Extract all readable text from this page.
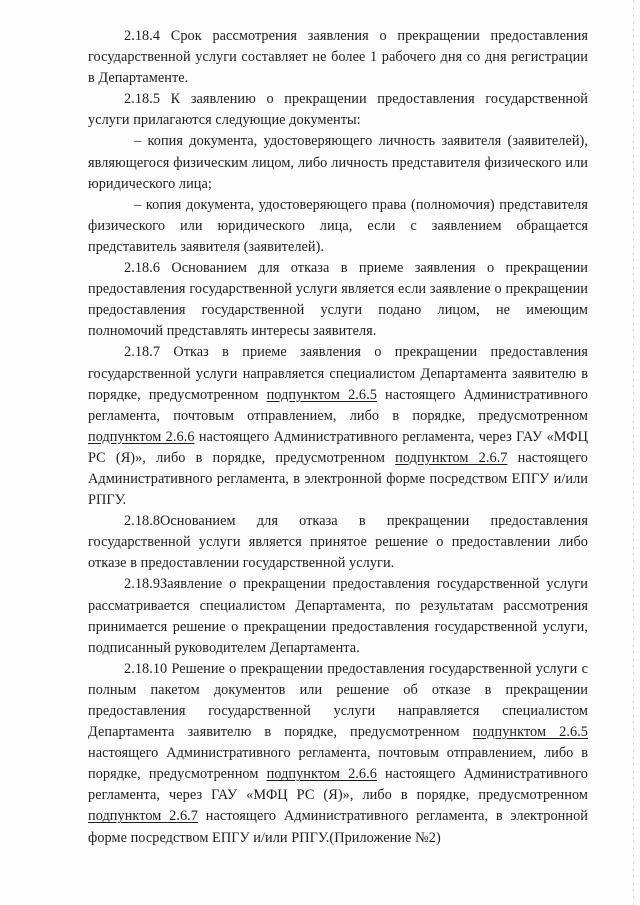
2.18.4 Срок рассмотрения заявления о прекращении предоставления государственной услуги составляет не более 1 рабочего дня со дня регистрации в Департаменте.

2.18.5 К заявлению о прекращении предоставления государственной услуги прилагаются следующие документы:

– копия документа, удостоверяющего личность заявителя (заявителей), являющегося физическим лицом, либо личность представителя физического или юридического лица;

– копия документа, удостоверяющего права (полномочия) представителя физического или юридического лица, если с заявлением обращается представитель заявителя (заявителей).

2.18.6 Основанием для отказа в приеме заявления о прекращении предоставления государственной услуги является если заявление о прекращении предоставления государственной услуги подано лицом, не имеющим полномочий представлять интересы заявителя.

2.18.7 Отказ в приеме заявления о прекращении предоставления государственной услуги направляется специалистом Департамента заявителю в порядке, предусмотренном подпунктом 2.6.5 настоящего Административного регламента, почтовым отправлением, либо в порядке, предусмотренном подпунктом 2.6.6 настоящего Административного регламента, через ГАУ «МФЦ РС (Я)», либо в порядке, предусмотренном подпунктом 2.6.7 настоящего Административного регламента, в электронной форме посредством ЕПГУ и/или РПГУ.

2.18.8Основанием для отказа в прекращении предоставления государственной услуги является принятое решение о предоставлении либо отказе в предоставлении государственной услуги.

2.18.9Заявление о прекращении предоставления государственной услуги рассматривается специалистом Департамента, по результатам рассмотрения принимается решение о прекращении предоставления государственной услуги, подписанный руководителем Департамента.

2.18.10 Решение о прекращении предоставления государственной услуги с полным пакетом документов или решение об отказе в прекращении предоставления государственной услуги направляется специалистом Департамента заявителю в порядке, предусмотренном подпунктом 2.6.5 настоящего Административного регламента, почтовым отправлением, либо в порядке, предусмотренном подпунктом 2.6.6 настоящего Административного регламента, через ГАУ «МФЦ РС (Я)», либо в порядке, предусмотренном подпунктом 2.6.7 настоящего Административного регламента, в электронной форме посредством ЕПГУ и/или РПГУ.(Приложение №2)
